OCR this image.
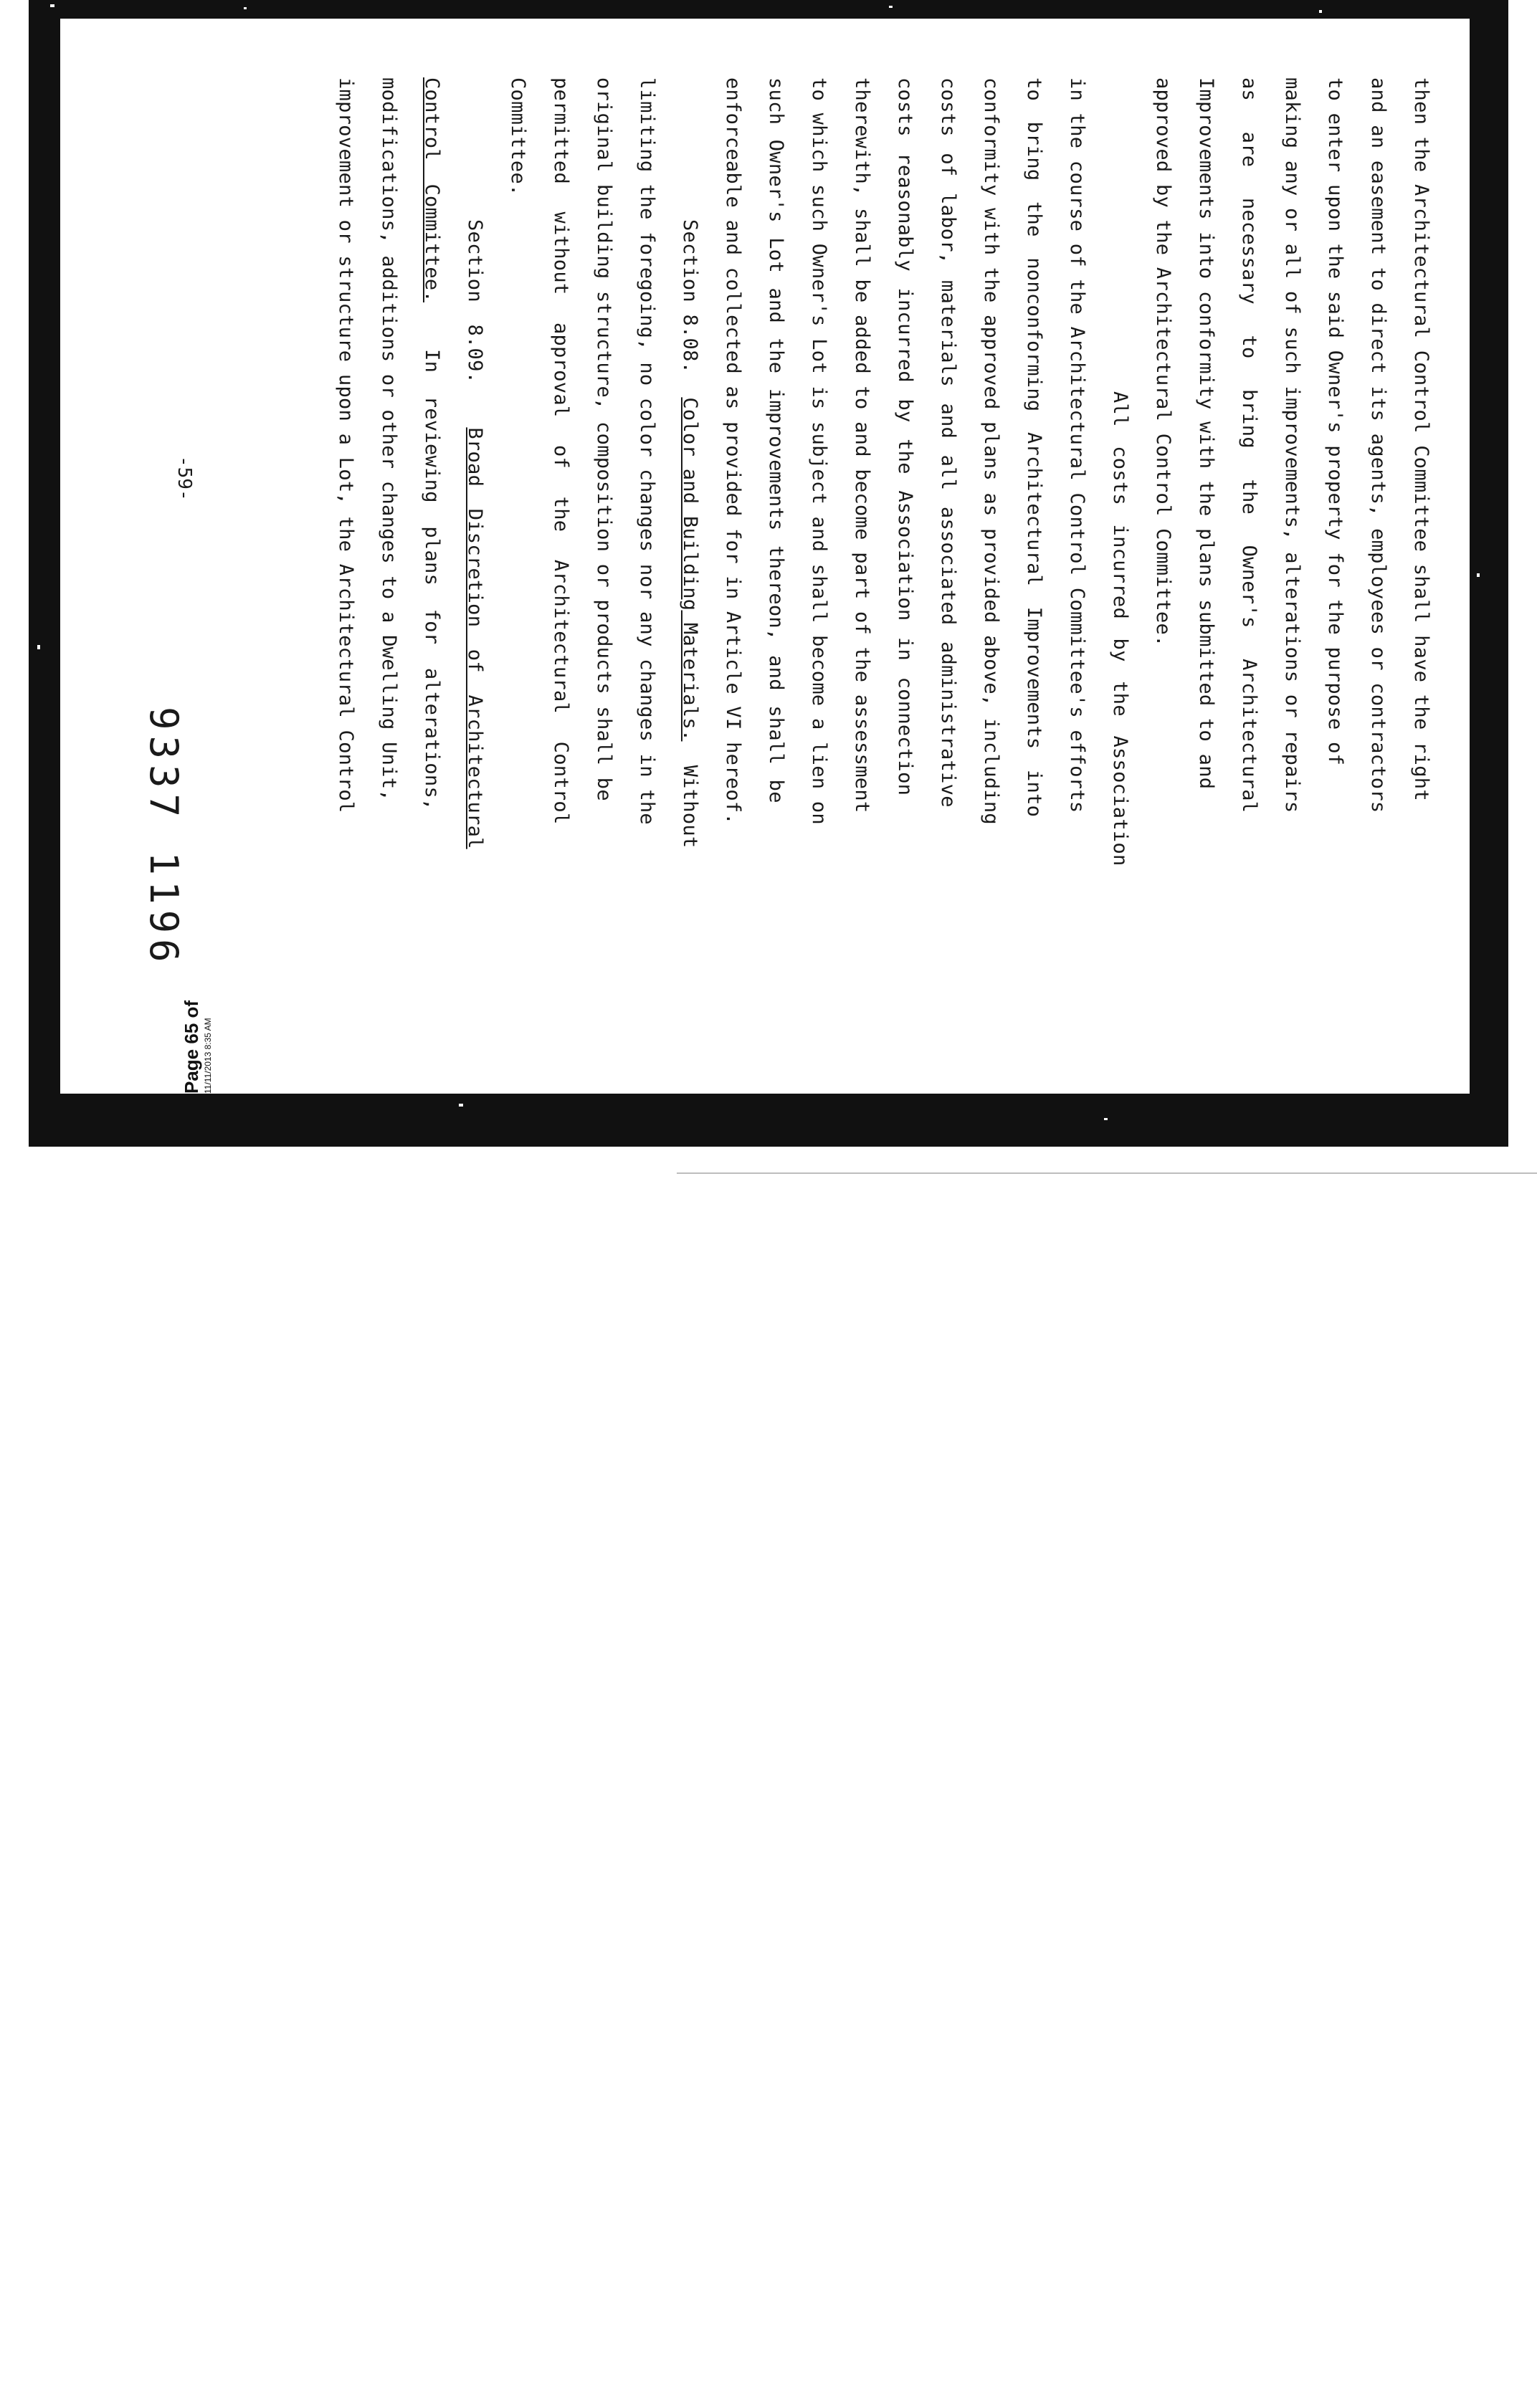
then the Architectural Control Committee shall have the right
and an easement to direct its agents, employees or contractors
to enter upon the said Owner's property for the purpose of
making any or all of such improvements, alterations or repairs
as are necessary to bring the Owner's Architectural
Improvements into conformity with the plans submitted to and
approved by the Architectural Control Committee.
All costs incurred by the Association
in the course of the Architectural Control Committee's efforts
to bring the nonconforming Architectural Improvements into
conformity with the approved plans as provided above, including
costs of labor, materials and all associated administrative
costs reasonably incurred by the Association in connection
therewith, shall be added to and become part of the assessment
to which such Owner's Lot is subject and shall become a lien on
such Owner's Lot and the improvements thereon, and shall be
enforceable and collected as provided for in Article VI hereof.
Section 8.08.  Color and Building Materials.  Without
limiting the foregoing, no color changes nor any changes in the
original building structure, composition or products shall be
permitted without approval of the Architectural Control
Committee.
Section 8.09.  Broad Discretion of Architectural
Control Committee.  In reviewing plans for alterations,
modifications, additions or other changes to a Dwelling Unit,
improvement or structure upon a Lot, the Architectural Control
-59-
9337 1196
Page 65 of 11/11/2013 8:35 AM
